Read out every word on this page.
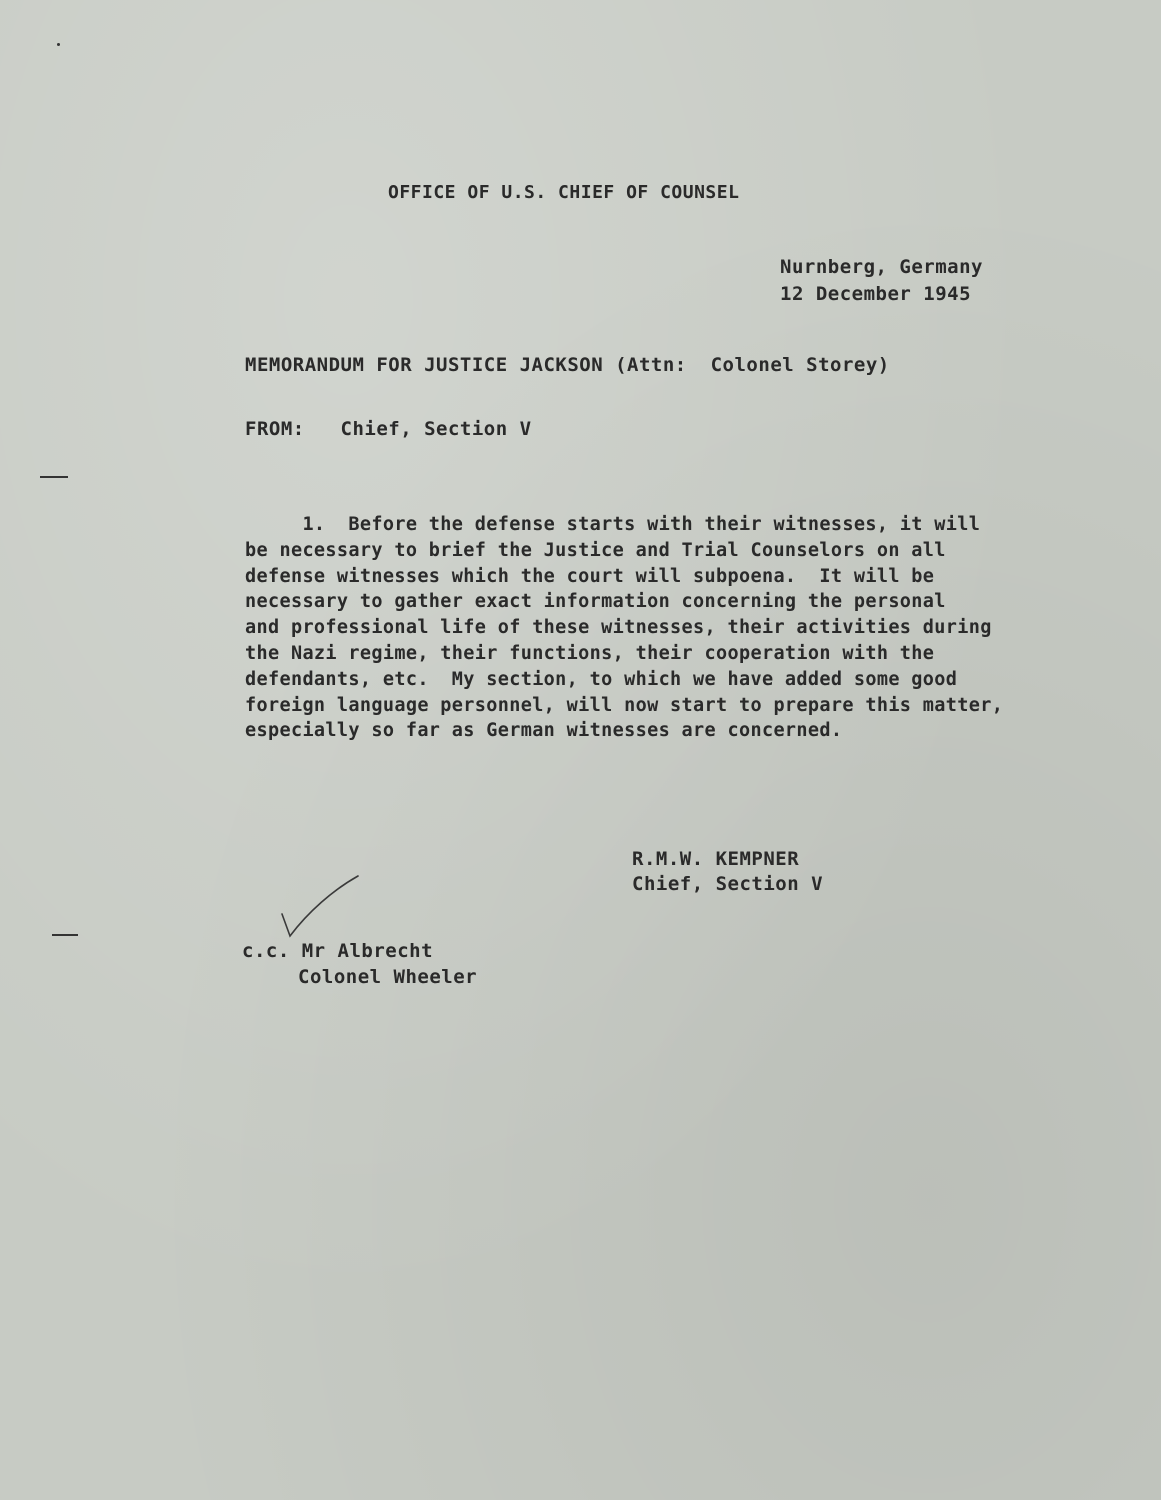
OFFICE OF U.S. CHIEF OF COUNSEL
Nurnberg, Germany
12 December 1945
MEMORANDUM FOR JUSTICE JACKSON (Attn:  Colonel Storey)
FROM:   Chief, Section V
1.  Before the defense starts with their witnesses, it will
be necessary to brief the Justice and Trial Counselors on all
defense witnesses which the court will subpoena.  It will be
necessary to gather exact information concerning the personal
and professional life of these witnesses, their activities during
the Nazi regime, their functions, their cooperation with the
defendants, etc.  My section, to which we have added some good
foreign language personnel, will now start to prepare this matter,
especially so far as German witnesses are concerned.
R.M.W. KEMPNER
Chief, Section V
c.c. Mr Albrecht
Colonel Wheeler
